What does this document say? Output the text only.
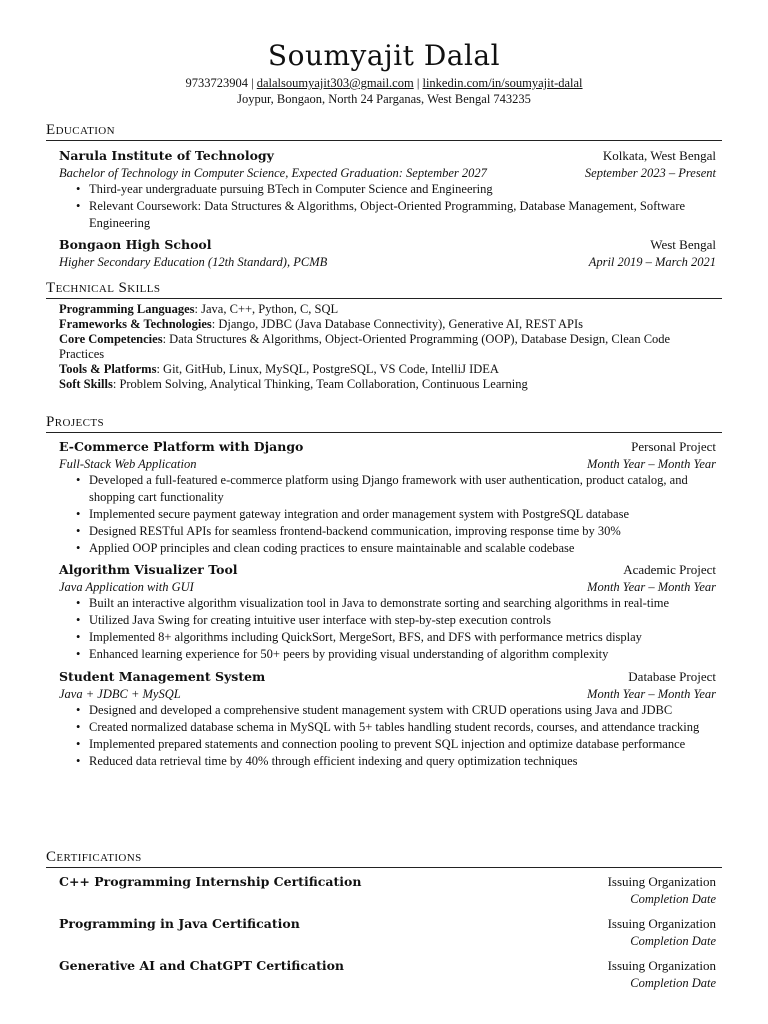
Soumyajit Dalal
9733723904 | dalalsoumyajit303@gmail.com | linkedin.com/in/soumyajit-dalal
Joypur, Bongaon, North 24 Parganas, West Bengal 743235
Education
Narula Institute of Technology	Kolkata, West Bengal
Bachelor of Technology in Computer Science, Expected Graduation: September 2027	September 2023 – Present
• Third-year undergraduate pursuing BTech in Computer Science and Engineering
• Relevant Coursework: Data Structures & Algorithms, Object-Oriented Programming, Database Management, Software Engineering
Bongaon High School	West Bengal
Higher Secondary Education (12th Standard), PCMB	April 2019 – March 2021
Technical Skills
Programming Languages: Java, C++, Python, C, SQL
Frameworks & Technologies: Django, JDBC (Java Database Connectivity), Generative AI, REST APIs
Core Competencies: Data Structures & Algorithms, Object-Oriented Programming (OOP), Database Design, Clean Code Practices
Tools & Platforms: Git, GitHub, Linux, MySQL, PostgreSQL, VS Code, IntelliJ IDEA
Soft Skills: Problem Solving, Analytical Thinking, Team Collaboration, Continuous Learning
Projects
E-Commerce Platform with Django	Personal Project
Full-Stack Web Application	Month Year – Month Year
• Developed a full-featured e-commerce platform using Django framework with user authentication, product catalog, and shopping cart functionality
• Implemented secure payment gateway integration and order management system with PostgreSQL database
• Designed RESTful APIs for seamless frontend-backend communication, improving response time by 30%
• Applied OOP principles and clean coding practices to ensure maintainable and scalable codebase
Algorithm Visualizer Tool	Academic Project
Java Application with GUI	Month Year – Month Year
• Built an interactive algorithm visualization tool in Java to demonstrate sorting and searching algorithms in real-time
• Utilized Java Swing for creating intuitive user interface with step-by-step execution controls
• Implemented 8+ algorithms including QuickSort, MergeSort, BFS, and DFS with performance metrics display
• Enhanced learning experience for 50+ peers by providing visual understanding of algorithm complexity
Student Management System	Database Project
Java + JDBC + MySQL	Month Year – Month Year
• Designed and developed a comprehensive student management system with CRUD operations using Java and JDBC
• Created normalized database schema in MySQL with 5+ tables handling student records, courses, and attendance tracking
• Implemented prepared statements and connection pooling to prevent SQL injection and optimize database performance
• Reduced data retrieval time by 40% through efficient indexing and query optimization techniques
Certifications
C++ Programming Internship Certification	Issuing Organization
Completion Date
Programming in Java Certification	Issuing Organization
Completion Date
Generative AI and ChatGPT Certification	Issuing Organization
Completion Date
